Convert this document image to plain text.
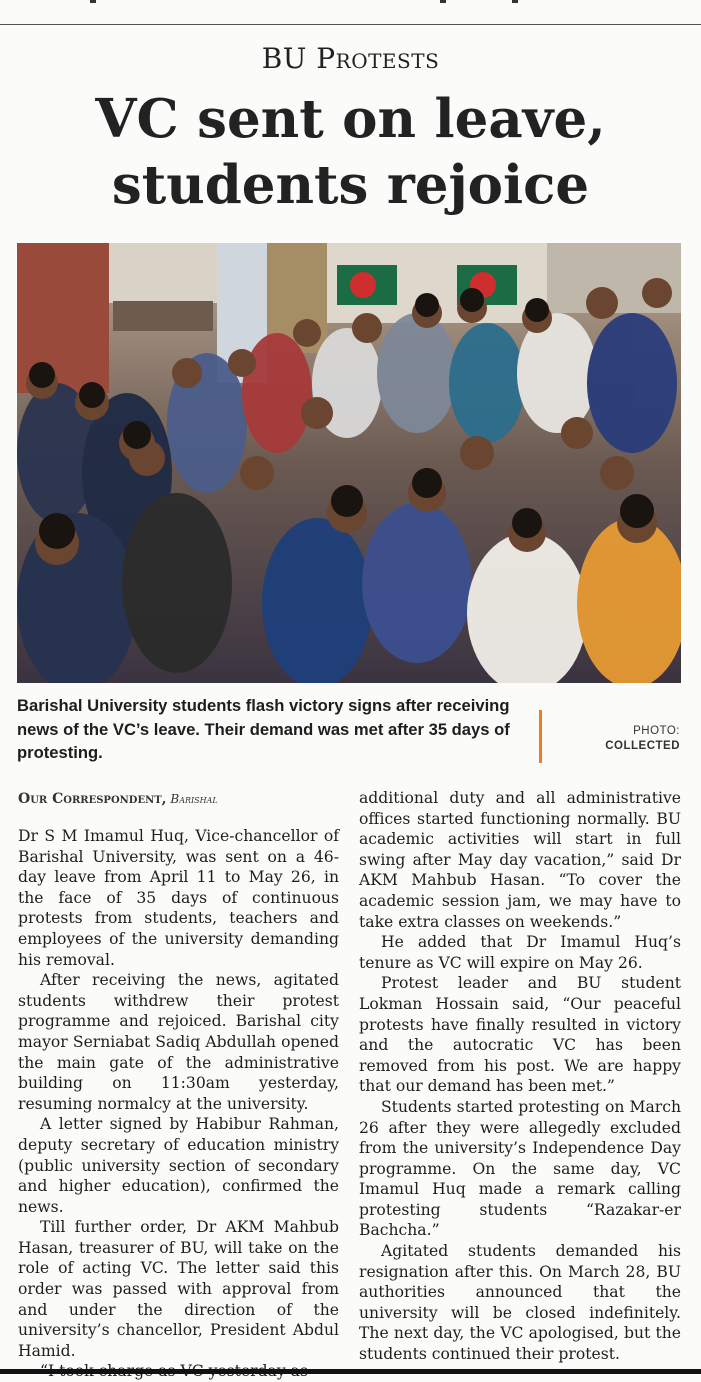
BU Protests
VC sent on leave,
students rejoice
Barishal University students flash victory signs after receiving news of the VC’s leave. Their demand was met after 35 days of protesting.
PHOTO:
COLLECTED
Our Correspondent, Barishal

Dr S M Imamul Huq, Vice-chancellor of Barishal University, was sent on a 46-day leave from April 11 to May 26, in the face of 35 days of continuous protests from students, teachers and employees of the university demanding his removal.

After receiving the news, agitated students withdrew their protest programme and rejoiced. Barishal city mayor Serniabat Sadiq Abdullah opened the main gate of the administrative building on 11:30am yesterday, resuming normalcy at the university.

A letter signed by Habibur Rahman, deputy secretary of education ministry (public university section of secondary and higher education), confirmed the news.

Till further order, Dr AKM Mahbub Hasan, treasurer of BU, will take on the role of acting VC. The letter said this order was passed with approval from and under the direction of the university’s chancellor, President Abdul Hamid.

additional duty and all administrative offices started functioning normally. BU academic activities will start in full swing after May day vacation,” said Dr AKM Mahbub Hasan. “To cover the academic session jam, we may have to take extra classes on weekends.”

He added that Dr Imamul Huq’s tenure as VC will expire on May 26.

Protest leader and BU student Lokman Hossain said, “Our peaceful protests have finally resulted in victory and the autocratic VC has been removed from his post. We are happy that our demand has been met.”

Students started protesting on March 26 after they were allegedly excluded from the university’s Independence Day programme. On the same day, VC Imamul Huq made a remark calling protesting students “Razakar-er Bachcha.”

Agitated students demanded his resignation after this. On March 28, BU authorities announced that the university will be closed indefinitely. The next day, the VC apologised, but the students continued their protest.
